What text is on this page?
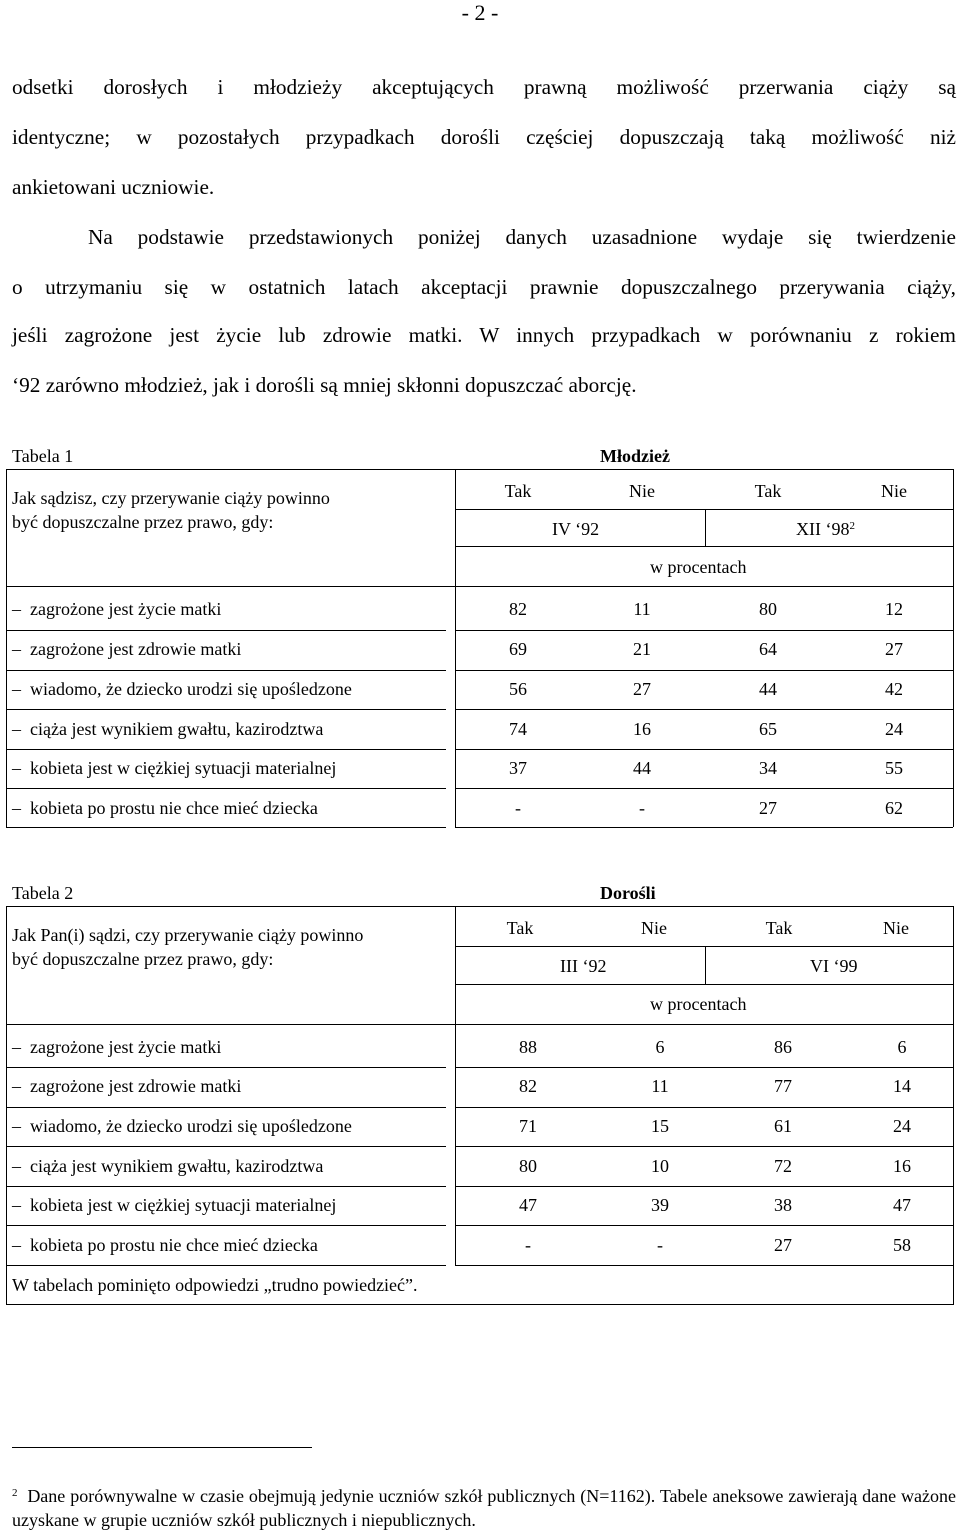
- 2 -
odsetki dorosłych i młodzieży akceptujących prawną możliwość przerwania ciąży są
identyczne; w pozostałych przypadkach dorośli częściej dopuszczają taką możliwość niż
ankietowani uczniowie.
Na podstawie przedstawionych poniżej danych uzasadnione wydaje się twierdzenie
o utrzymaniu się w ostatnich latach akceptacji prawnie dopuszczalnego przerywania ciąży,
jeśli zagrożone jest życie lub zdrowie matki. W innych przypadkach w porównaniu z rokiem
‘92 zarówno młodzież, jak i dorośli są mniej skłonni dopuszczać aborcję.
Tabela 1	Młodzież
Jak sądzisz, czy przerywanie ciąży powinno
być dopuszczalne przez prawo, gdy:
Tak	Nie	Tak	Nie
IV ‘92	XII ‘$98^2$
w procentach
‒  zagrożone jest życie matki	82	11	80	12
‒  zagrożone jest zdrowie matki	69	21	64	27
‒  wiadomo, że dziecko urodzi się upośledzone	56	27	44	42
‒  ciąża jest wynikiem gwałtu, kazirodztwa	74	16	65	24
‒  kobieta jest w ciężkiej sytuacji materialnej	37	44	34	55
‒  kobieta po prostu nie chce mieć dziecka	-	-	27	62
Tabela 2	Dorośli
Jak Pan(i) sądzi, czy przerywanie ciąży powinno
być dopuszczalne przez prawo, gdy:
Tak	Nie	Tak	Nie
III ‘92	VI ‘99
w procentach
‒  zagrożone jest życie matki	88	6	86	6
‒  zagrożone jest zdrowie matki	82	11	77	14
‒  wiadomo, że dziecko urodzi się upośledzone	71	15	61	24
‒  ciąża jest wynikiem gwałtu, kazirodztwa	80	10	72	16
‒  kobieta jest w ciężkiej sytuacji materialnej	47	39	38	47
‒  kobieta po prostu nie chce mieć dziecka	-	-	27	58
W tabelach pominięto odpowiedzi „trudno powiedzieć”.
$^2$ Dane porównywalne w czasie obejmują jedynie uczniów szkół publicznych (N=1162). Tabele aneksowe zawierają dane ważone uzyskane w grupie uczniów szkół publicznych i niepublicznych.
